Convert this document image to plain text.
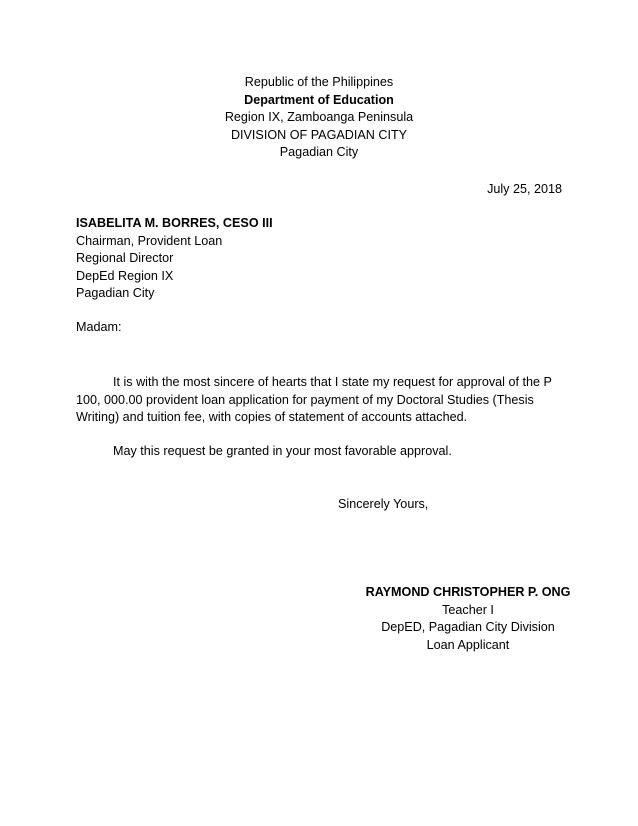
Republic of the Philippines
Department of Education
Region IX, Zamboanga Peninsula
DIVISION OF PAGADIAN CITY
Pagadian City
July 25, 2018
ISABELITA M. BORRES, CESO III
Chairman, Provident Loan
Regional Director
DepEd Region IX
Pagadian City
Madam:
It is with the most sincere of hearts that I state my request for approval of the P 100, 000.00 provident loan application for payment of my Doctoral Studies (Thesis Writing) and tuition fee, with copies of statement of accounts attached.
May this request be granted in your most favorable approval.
Sincerely Yours,
RAYMOND CHRISTOPHER P. ONG
Teacher I
DepED, Pagadian City Division
Loan Applicant
